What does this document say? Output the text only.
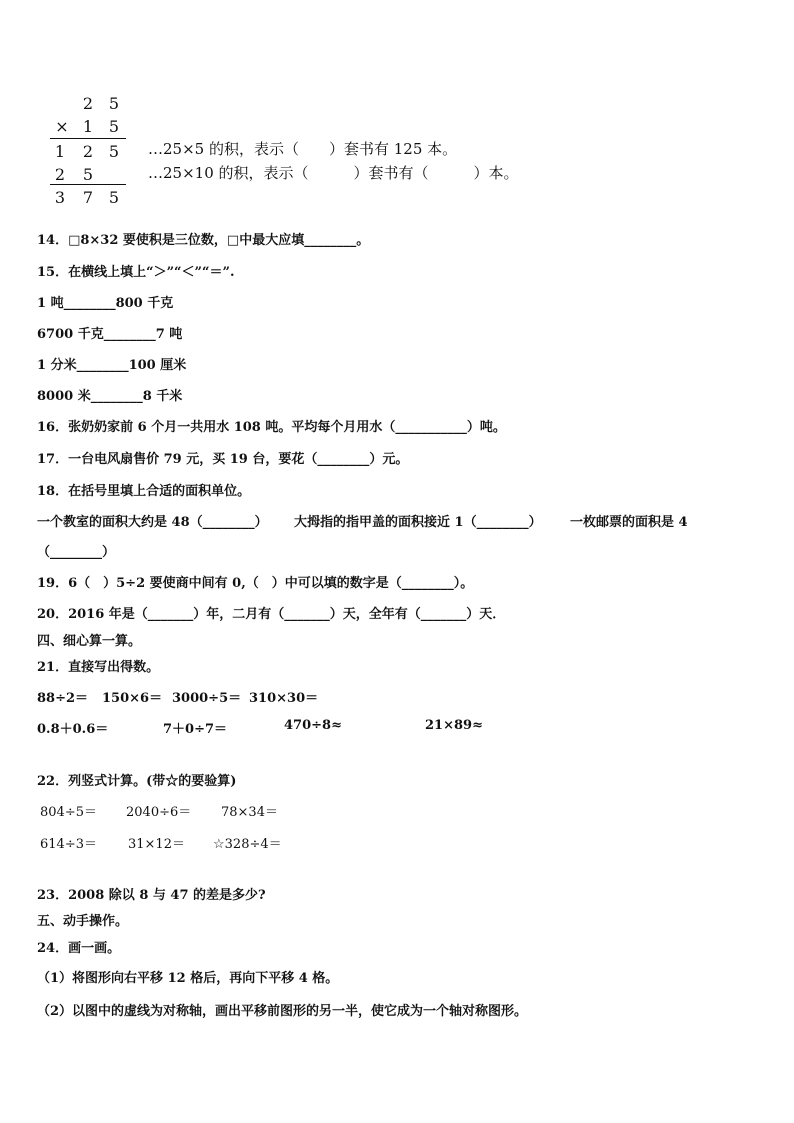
2 5
× 1 5
1	2 5
2	5
3	7 5
…25×5 的积，表示（　　）套书有 125 本。
…25×10 的积，表示（　　　）套书有（　　　）本。
14．□8×32 要使积是三位数，□中最大应填________。
15．在横线上填上“＞”“＜”“＝”.
1 吨________800 千克
6700 千克________7 吨
1 分米________100 厘米
8000 米________8 千米
16．张奶奶家前 6 个月一共用水 108 吨。平均每个月用水（___________）吨。
17．一台电风扇售价 79 元，买 19 台，要花（________）元。
18．在括号里填上合适的面积单位。
一个教室的面积大约是 48（________） 大拇指的指甲盖的面积接近 1（________） 一枚邮票的面积是 4
（________）
19．6（　）5÷2 要使商中间有 0,（　）中可以填的数字是（________）。
20．2016 年是（_______）年，二月有（_______）天，全年有（_______）天．
四、细心算一算。
21．直接写出得数。
88÷2＝ 150×6＝ 3000÷5＝ 310×30＝
0.8＋0.6＝	7＋0÷7＝	470÷8≈	21×89≈
22．列竖式计算。(带☆的要验算)
804÷5＝ 2040÷6＝ 78×34＝
614÷3＝ 31×12＝ ☆328÷4＝
23．2008 除以 8 与 47 的差是多少?
五、动手操作。
24．画一画。
（1）将图形向右平移 12 格后，再向下平移 4 格。
（2）以图中的虚线为对称轴，画出平移前图形的另一半，使它成为一个轴对称图形。
